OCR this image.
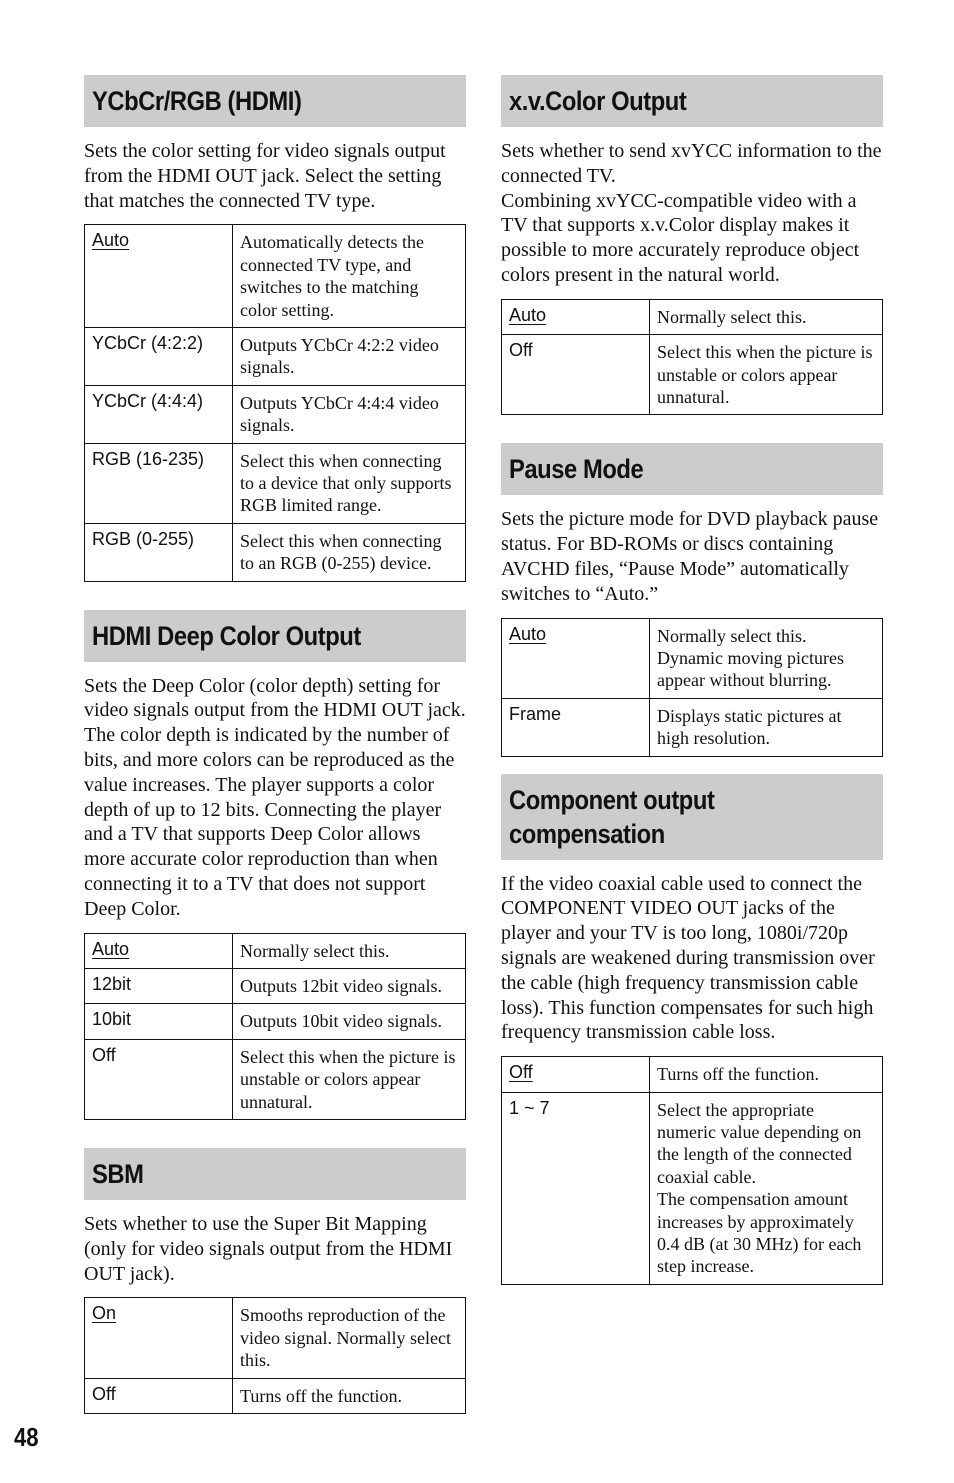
YCbCr/RGB (HDMI)

Sets the color setting for video signals output from the HDMI OUT jack. Select the setting that matches the connected TV type.

Auto	Automatically detects the connected TV type, and switches to the matching color setting.
YCbCr (4:2:2)	Outputs YCbCr 4:2:2 video signals.
YCbCr (4:4:4)	Outputs YCbCr 4:4:4 video signals.
RGB (16-235)	Select this when connecting to a device that only supports RGB limited range.
RGB (0-255)	Select this when connecting to an RGB (0-255) device.
HDMI Deep Color Output

Sets the Deep Color (color depth) setting for video signals output from the HDMI OUT jack.

The color depth is indicated by the number of bits, and more colors can be reproduced as the value increases. The player supports a color depth of up to 12 bits. Connecting the player and a TV that supports Deep Color allows more accurate color reproduction than when connecting it to a TV that does not support Deep Color.

Auto	Normally select this.
12bit	Outputs 12bit video signals.
10bit	Outputs 10bit video signals.
Off	Select this when the picture is unstable or colors appear unnatural.
SBM

Sets whether to use the Super Bit Mapping (only for video signals output from the HDMI OUT jack).

On	Smooths reproduction of the video signal. Normally select this.
Off	Turns off the function.
x.v.Color Output

Sets whether to send xvYCC information to the connected TV.

Combining xvYCC-compatible video with a TV that supports x.v.Color display makes it possible to more accurately reproduce object colors present in the natural world.

Auto	Normally select this.
Off	Select this when the picture is unstable or colors appear unnatural.
Pause Mode

Sets the picture mode for DVD playback pause status. For BD-ROMs or discs containing AVCHD files, “Pause Mode” automatically switches to “Auto.”

Auto	Normally select this. Dynamic moving pictures appear without blurring.
Frame	Displays static pictures at high resolution.
Component output
compensation

If the video coaxial cable used to connect the COMPONENT VIDEO OUT jacks of the player and your TV is too long, 1080i/720p signals are weakened during transmission over the cable (high frequency transmission cable loss). This function compensates for such high frequency transmission cable loss.

Off	Turns off the function.
1 ~ 7	Select the appropriate numeric value depending on the length of the connected coaxial cable.
The compensation amount increases by approximately 0.4 dB (at 30 MHz) for each step increase.
48
